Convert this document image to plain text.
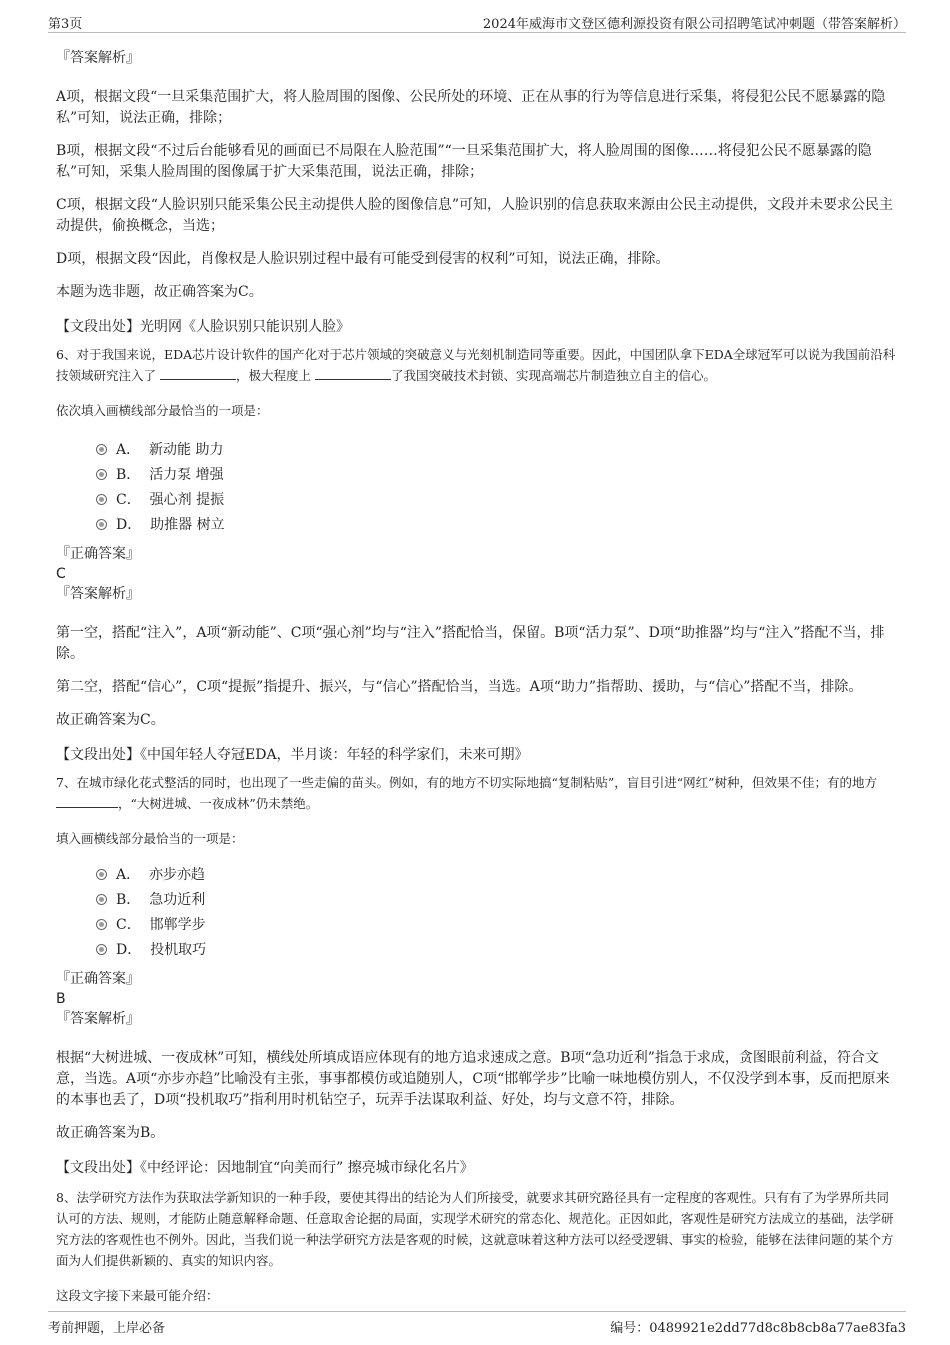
第3页	2024年威海市文登区德利源投资有限公司招聘笔试冲刺题（带答案解析）

『答案解析』

A项，根据文段“一旦采集范围扩大，将人脸周围的图像、公民所处的环境、正在从事的行为等信息进行采集，将侵犯公民不愿暴露的隐私”可知，说法正确，排除；

B项，根据文段“不过后台能够看见的画面已不局限在人脸范围”“一旦采集范围扩大，将人脸周围的图像……将侵犯公民不愿暴露的隐私”可知，采集人脸周围的图像属于扩大采集范围，说法正确，排除；

C项，根据文段“人脸识别只能采集公民主动提供人脸的图像信息”可知，人脸识别的信息获取来源由公民主动提供，文段并未要求公民主动提供，偷换概念，当选；

D项，根据文段“因此，肖像权是人脸识别过程中最有可能受到侵害的权利”可知，说法正确，排除。

本题为选非题，故正确答案为C。

【文段出处】光明网《人脸识别只能识别人脸》

6、对于我国来说，EDA芯片设计软件的国产化对于芯片领域的突破意义与光刻机制造同等重要。因此，中国团队拿下EDA全球冠军可以说为我国前沿科技领域研究注入了	，极大程度上	了我国突破技术封锁、实现高端芯片制造独立自主的信心。

依次填入画横线部分最恰当的一项是：

A． 新动能 助力
B． 活力泵 增强
C． 强心剂 提振
D． 助推器 树立

『正确答案』

C

『答案解析』

第一空，搭配“注入”，A项“新动能”、C项“强心剂”均与“注入”搭配恰当，保留。B项“活力泵”、D项“助推器”均与“注入”搭配不当，排除。

第二空，搭配“信心”，C项“提振”指提升、振兴，与“信心”搭配恰当，当选。A项“助力”指帮助、援助，与“信心”搭配不当，排除。

故正确答案为C。

【文段出处】《中国年轻人夺冠EDA，半月谈：年轻的科学家们，未来可期》

7、在城市绿化花式整活的同时，也出现了一些走偏的苗头。例如，有的地方不切实际地搞“复制粘贴”，盲目引进“网红”树种，但效果不佳；有的地方 ，“大树进城、一夜成林”仍未禁绝。

填入画横线部分最恰当的一项是：

A． 亦步亦趋
B． 急功近利
C． 邯郸学步
D． 投机取巧

『正确答案』

B

『答案解析』

根据“大树进城、一夜成林”可知，横线处所填成语应体现有的地方追求速成之意。B项“急功近利”指急于求成，贪图眼前利益，符合文意，当选。A项“亦步亦趋”比喻没有主张，事事都模仿或追随别人，C项“邯郸学步”比喻一味地模仿别人，不仅没学到本事，反而把原来的本事也丢了，D项“投机取巧”指利用时机钻空子，玩弄手法谋取利益、好处，均与文意不符，排除。

故正确答案为B。

【文段出处】《中经评论：因地制宜“向美而行” 擦亮城市绿化名片》

8、法学研究方法作为获取法学新知识的一种手段，要使其得出的结论为人们所接受，就要求其研究路径具有一定程度的客观性。只有有了为学界所共同认可的方法、规则，才能防止随意解释命题、任意取舍论据的局面，实现学术研究的常态化、规范化。正因如此，客观性是研究方法成立的基础，法学研究方法的客观性也不例外。因此，当我们说一种法学研究方法是客观的时候，这就意味着这种方法可以经受逻辑、事实的检验，能够在法律问题的某个方面为人们提供新颖的、真实的知识内容。

这段文字接下来最可能介绍：

考前押题，上岸必备	编号：0489921e2dd77d8c8b8cb8a77ae83fa3
